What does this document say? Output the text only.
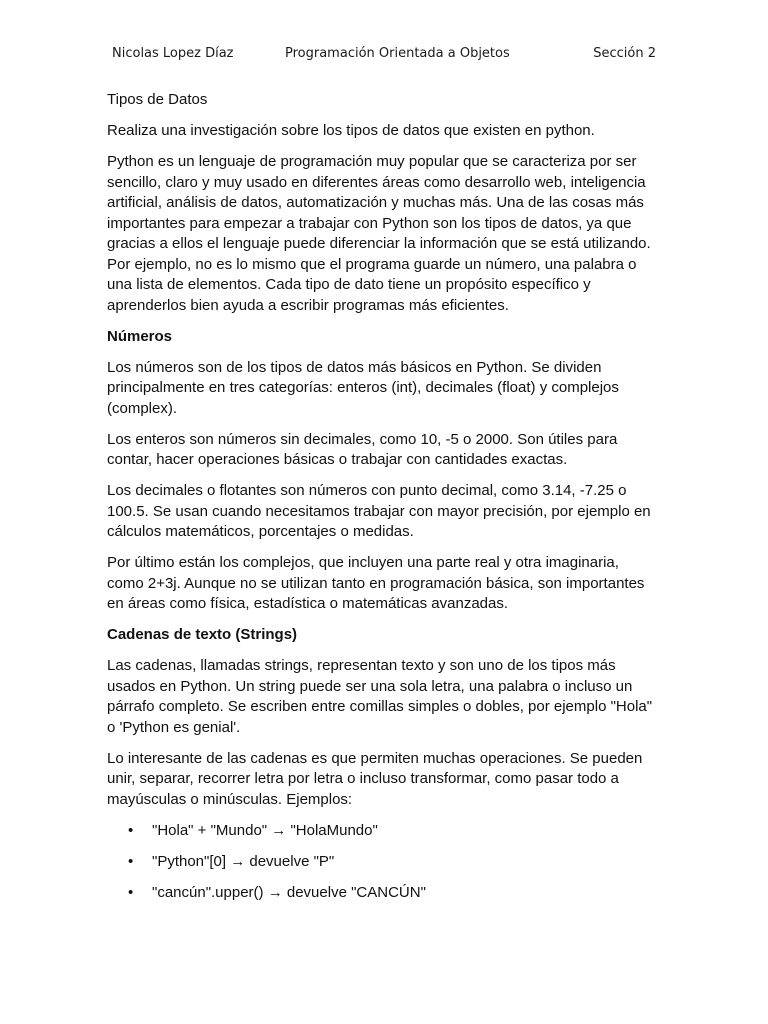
Nicolas Lopez Díaz	Programación Orientada a Objetos	Sección 2

Tipos de Datos

Realiza una investigación sobre los tipos de datos que existen en python.

Python es un lenguaje de programación muy popular que se caracteriza por ser sencillo, claro y muy usado en diferentes áreas como desarrollo web, inteligencia artificial, análisis de datos, automatización y muchas más. Una de las cosas más importantes para empezar a trabajar con Python son los tipos de datos, ya que gracias a ellos el lenguaje puede diferenciar la información que se está utilizando. Por ejemplo, no es lo mismo que el programa guarde un número, una palabra o una lista de elementos. Cada tipo de dato tiene un propósito específico y aprenderlos bien ayuda a escribir programas más eficientes.

Números

Los números son de los tipos de datos más básicos en Python. Se dividen principalmente en tres categorías: enteros (int), decimales (float) y complejos (complex).

Los enteros son números sin decimales, como 10, -5 o 2000. Son útiles para contar, hacer operaciones básicas o trabajar con cantidades exactas.

Los decimales o flotantes son números con punto decimal, como 3.14, -7.25 o 100.5. Se usan cuando necesitamos trabajar con mayor precisión, por ejemplo en cálculos matemáticos, porcentajes o medidas.

Por último están los complejos, que incluyen una parte real y otra imaginaria, como 2+3j. Aunque no se utilizan tanto en programación básica, son importantes en áreas como física, estadística o matemáticas avanzadas.

Cadenas de texto (Strings)

Las cadenas, llamadas strings, representan texto y son uno de los tipos más usados en Python. Un string puede ser una sola letra, una palabra o incluso un párrafo completo. Se escriben entre comillas simples o dobles, por ejemplo "Hola" o 'Python es genial'.

Lo interesante de las cadenas es que permiten muchas operaciones. Se pueden unir, separar, recorrer letra por letra o incluso transformar, como pasar todo a mayúsculas o minúsculas. Ejemplos:

• "Hola" + "Mundo" → "HolaMundo"
• "Python"[0] → devuelve "P"
• "cancún".upper() → devuelve "CANCÚN"
